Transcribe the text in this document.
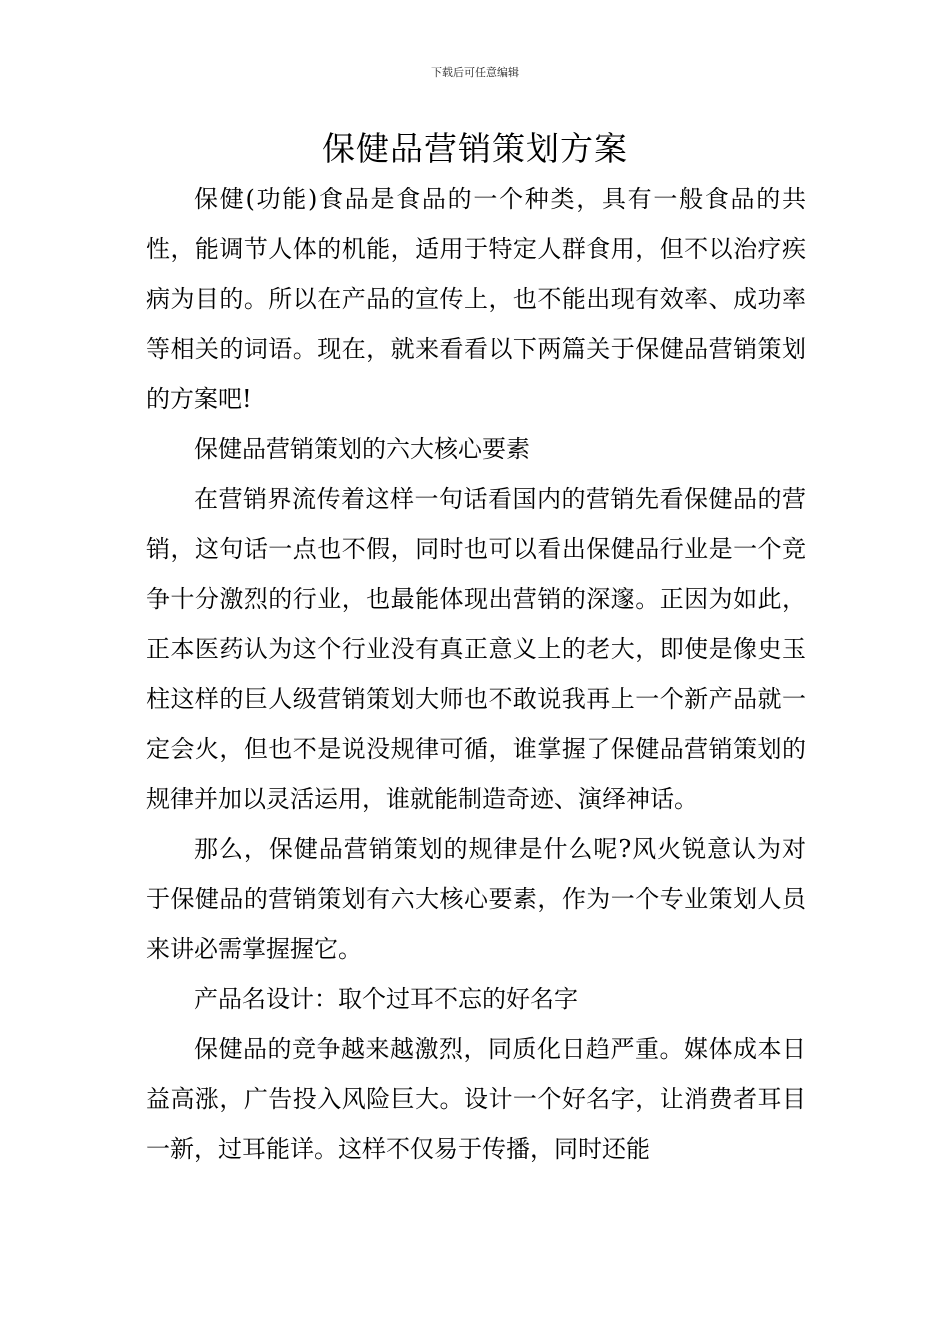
下载后可任意编辑
保健品营销策划方案

保健(功能)食品是食品的一个种类，具有一般食品的共性，能调节人体的机能，适用于特定人群食用，但不以治疗疾病为目的。所以在产品的宣传上，也不能出现有效率、成功率等相关的词语。现在，就来看看以下两篇关于保健品营销策划的方案吧!

保健品营销策划的六大核心要素

在营销界流传着这样一句话看国内的营销先看保健品的营销，这句话一点也不假，同时也可以看出保健品行业是一个竞争十分激烈的行业，也最能体现出营销的深邃。正因为如此，正本医药认为这个行业没有真正意义上的老大，即使是像史玉柱这样的巨人级营销策划大师也不敢说我再上一个新产品就一定会火，但也不是说没规律可循，谁掌握了保健品营销策划的规律并加以灵活运用，谁就能制造奇迹、演绎神话。

那么，保健品营销策划的规律是什么呢?风火锐意认为对于保健品的营销策划有六大核心要素，作为一个专业策划人员来讲必需掌握握它。

产品名设计：取个过耳不忘的好名字

保健品的竞争越来越激烈，同质化日趋严重。媒体成本日益高涨，广告投入风险巨大。设计一个好名字，让消费者耳目一新，过耳能详。这样不仅易于传播，同时还能
